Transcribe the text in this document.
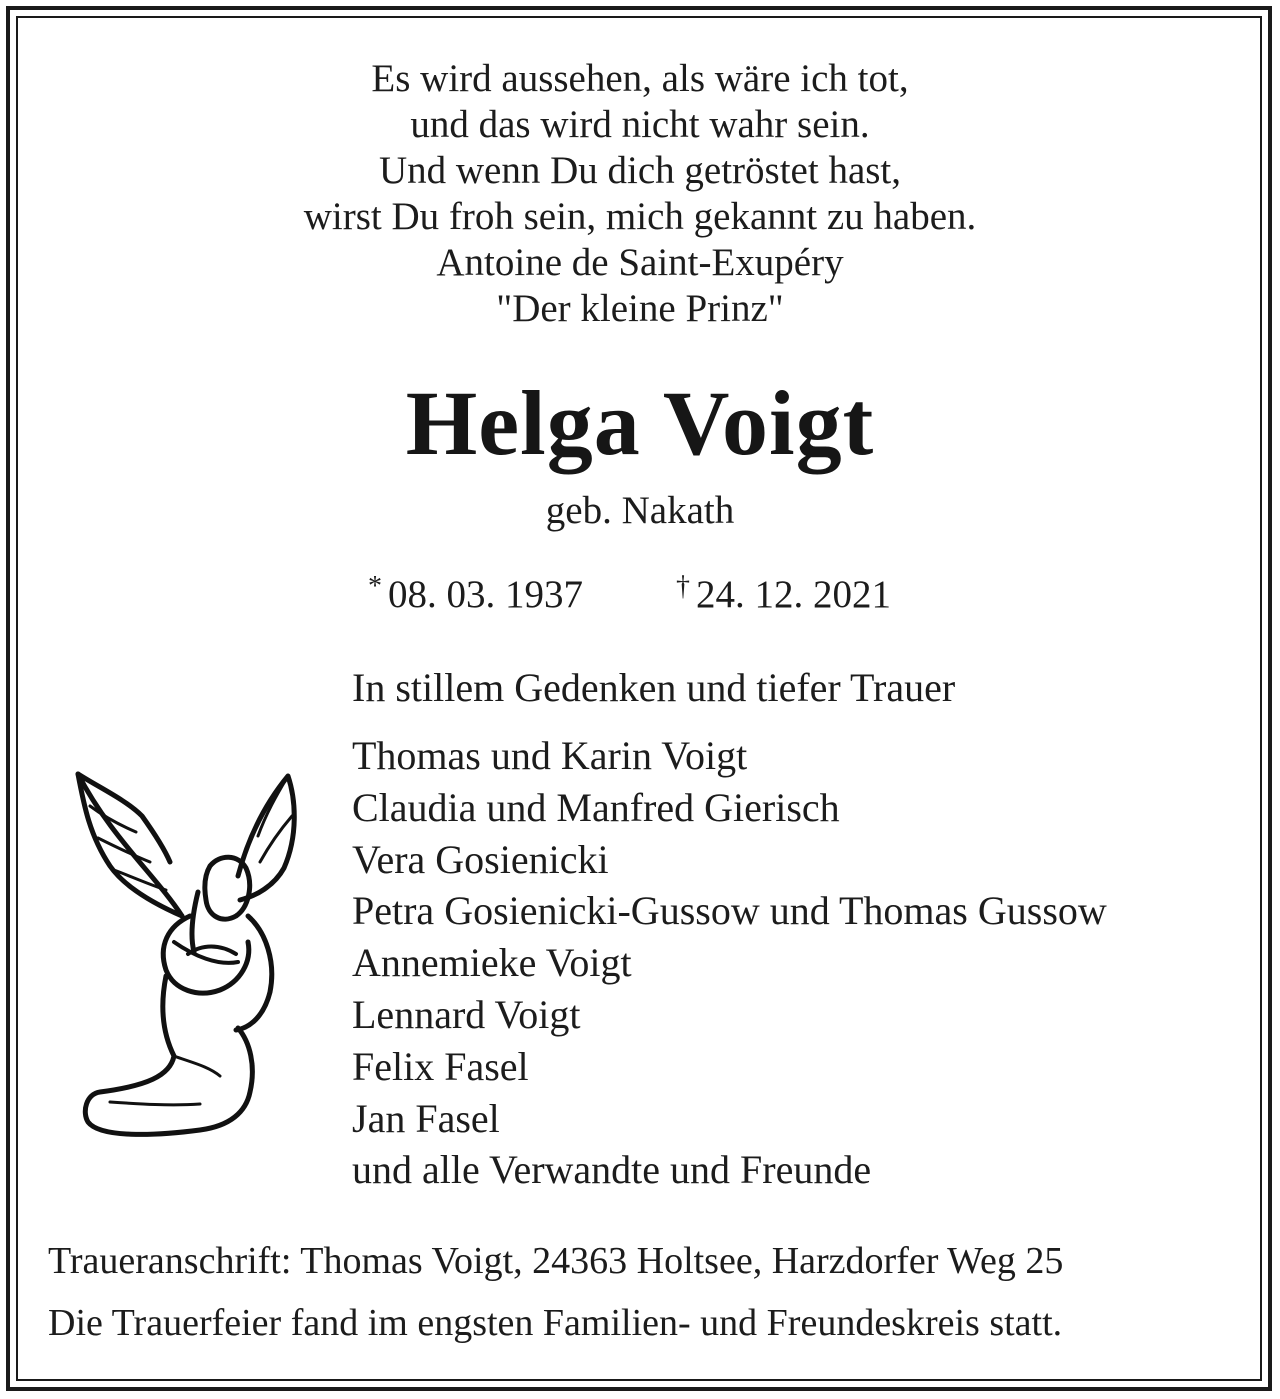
Es wird aussehen, als wäre ich tot,
und das wird nicht wahr sein.
Und wenn Du dich getröstet hast,
wirst Du froh sein, mich gekannt zu haben.
Antoine de Saint-Exupéry
"Der kleine Prinz"
Helga Voigt
geb. Nakath
* 08. 03. 1937	† 24. 12. 2021
In stillem Gedenken und tiefer Trauer
Thomas und Karin Voigt
Claudia und Manfred Gierisch
Vera Gosienicki
Petra Gosienicki-Gussow und Thomas Gussow
Annemieke Voigt
Lennard Voigt
Felix Fasel
Jan Fasel
und alle Verwandte und Freunde
Traueranschrift: Thomas Voigt, 24363 Holtsee, Harzdorfer Weg 25
Die Trauerfeier fand im engsten Familien- und Freundeskreis statt.
